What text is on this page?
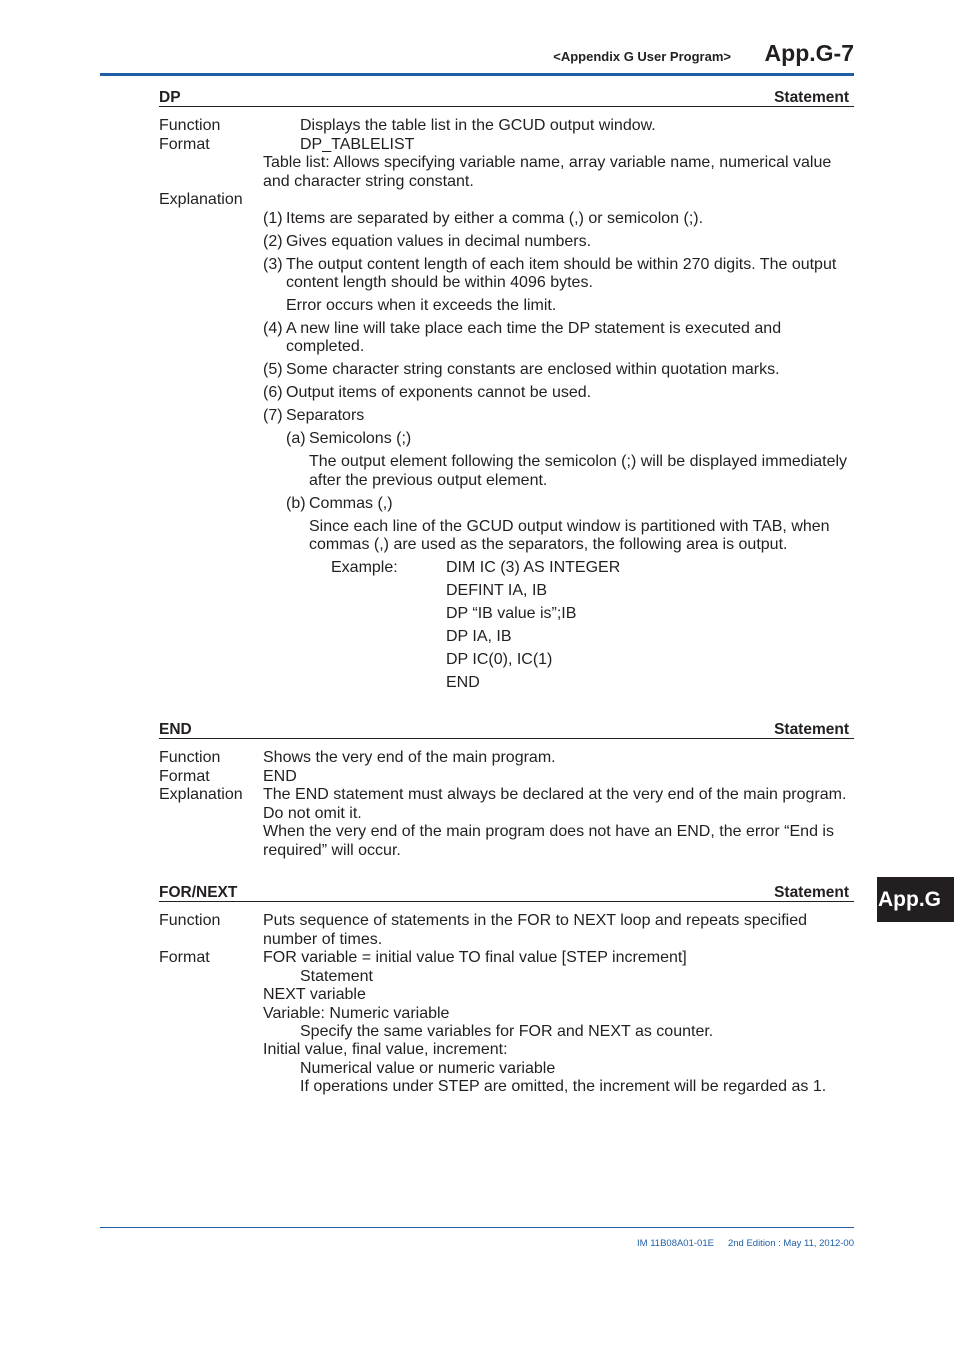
<Appendix G User Program>	App.G-7
DP	Statement
Function	Displays the table list in the GCUD output window.
Format	DP_TABLELIST
Table list: Allows specifying variable name, array variable name, numerical value
and character string constant.
Explanation
(1) Items are separated by either a comma (,) or semicolon (;).
(2) Gives equation values in decimal numbers.
(3) The output content length of each item should be within 270 digits. The output
content length should be within 4096 bytes.
Error occurs when it exceeds the limit.
(4) A new line will take place each time the DP statement is executed and
completed.
(5) Some character string constants are enclosed within quotation marks.
(6) Output items of exponents cannot be used.
(7) Separators
(a) Semicolons (;)
The output element following the semicolon (;) will be displayed immediately
after the previous output element.
(b) Commas (,)
Since each line of the GCUD output window is partitioned with TAB, when
commas (,) are used as the separators, the following area is output.
Example:	DIM IC (3) AS INTEGER
DEFINT IA, IB
DP “IB value is”;IB
DP IA, IB
DP IC(0), IC(1)
END
END	Statement
Function	Shows the very end of the main program.
Format	END
Explanation The END statement must always be declared at the very end of the main program.
Do not omit it.
When the very end of the main program does not have an END, the error “End is
required” will occur.
FOR/NEXT	Statement
Function	Puts sequence of statements in the FOR to NEXT loop and repeats specified
number of times.
Format	FOR variable = initial value TO final value [STEP increment]
Statement
NEXT variable
Variable: Numeric variable
Specify the same variables for FOR and NEXT as counter.
Initial value, final value, increment:
Numerical value or numeric variable
If operations under STEP are omitted, the increment will be regarded as 1.
App.G
IM 11B08A01-01E 2nd Edition : May 11, 2012-00
